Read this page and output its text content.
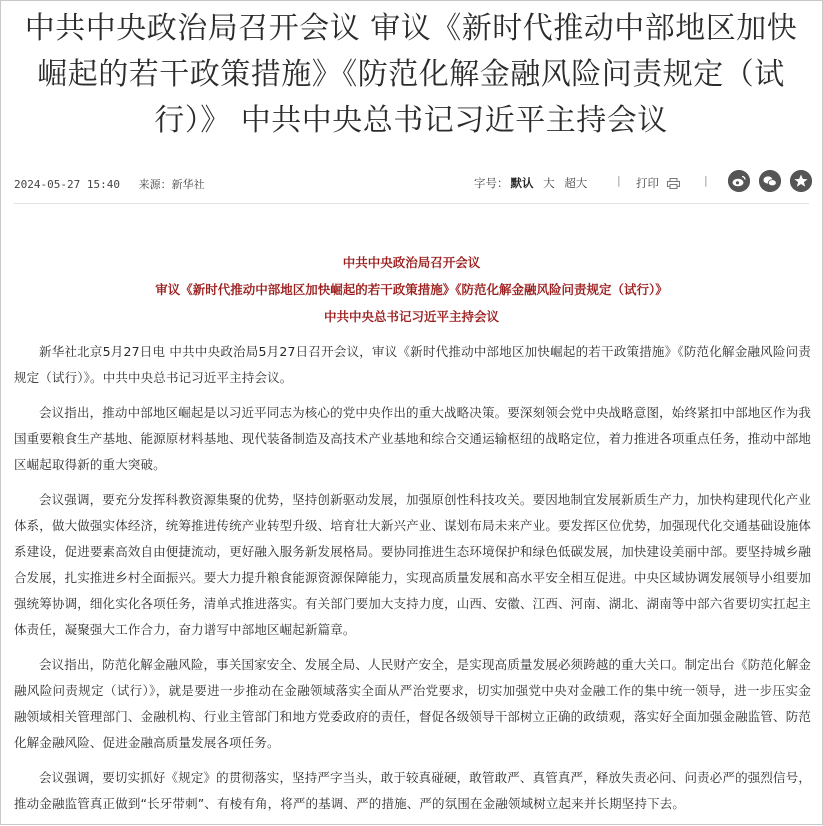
中共中央政治局召开会议 审议《新时代推动中部地区加快崛起的若干政策措施》《防范化解金融风险问责规定（试行）》 中共中央总书记习近平主持会议
2024-05-27 15:40 来源：新华社	字号： 默认 大 超大	| 打印	|
中共中央政治局召开会议
审议《新时代推动中部地区加快崛起的若干政策措施》《防范化解金融风险问责规定（试行）》
中共中央总书记习近平主持会议

新华社北京5月27日电 中共中央政治局5月27日召开会议，审议《新时代推动中部地区加快崛起的若干政策措施》《防范化解金融风险问责规定（试行）》。中共中央总书记习近平主持会议。

会议指出，推动中部地区崛起是以习近平同志为核心的党中央作出的重大战略决策。要深刻领会党中央战略意图，始终紧扣中部地区作为我国重要粮食生产基地、能源原材料基地、现代装备制造及高技术产业基地和综合交通运输枢纽的战略定位，着力推进各项重点任务，推动中部地区崛起取得新的重大突破。

会议强调，要充分发挥科教资源集聚的优势，坚持创新驱动发展，加强原创性科技攻关。要因地制宜发展新质生产力，加快构建现代化产业体系，做大做强实体经济，统筹推进传统产业转型升级、培育壮大新兴产业、谋划布局未来产业。要发挥区位优势，加强现代化交通基础设施体系建设，促进要素高效自由便捷流动，更好融入服务新发展格局。要协同推进生态环境保护和绿色低碳发展，加快建设美丽中部。要坚持城乡融合发展，扎实推进乡村全面振兴。要大力提升粮食能源资源保障能力，实现高质量发展和高水平安全相互促进。中央区域协调发展领导小组要加强统筹协调，细化实化各项任务，清单式推进落实。有关部门要加大支持力度，山西、安徽、江西、河南、湖北、湖南等中部六省要切实扛起主体责任，凝聚强大工作合力，奋力谱写中部地区崛起新篇章。

会议指出，防范化解金融风险，事关国家安全、发展全局、人民财产安全，是实现高质量发展必须跨越的重大关口。制定出台《防范化解金融风险问责规定（试行）》，就是要进一步推动在金融领域落实全面从严治党要求，切实加强党中央对金融工作的集中统一领导，进一步压实金融领域相关管理部门、金融机构、行业主管部门和地方党委政府的责任，督促各级领导干部树立正确的政绩观，落实好全面加强金融监管、防范化解金融风险、促进金融高质量发展各项任务。

会议强调，要切实抓好《规定》的贯彻落实，坚持严字当头，敢于较真碰硬，敢管敢严、真管真严，释放失责必问、问责必严的强烈信号，推动金融监管真正做到“长牙带刺”、有棱有角，将严的基调、严的措施、严的氛围在金融领域树立起来并长期坚持下去。
